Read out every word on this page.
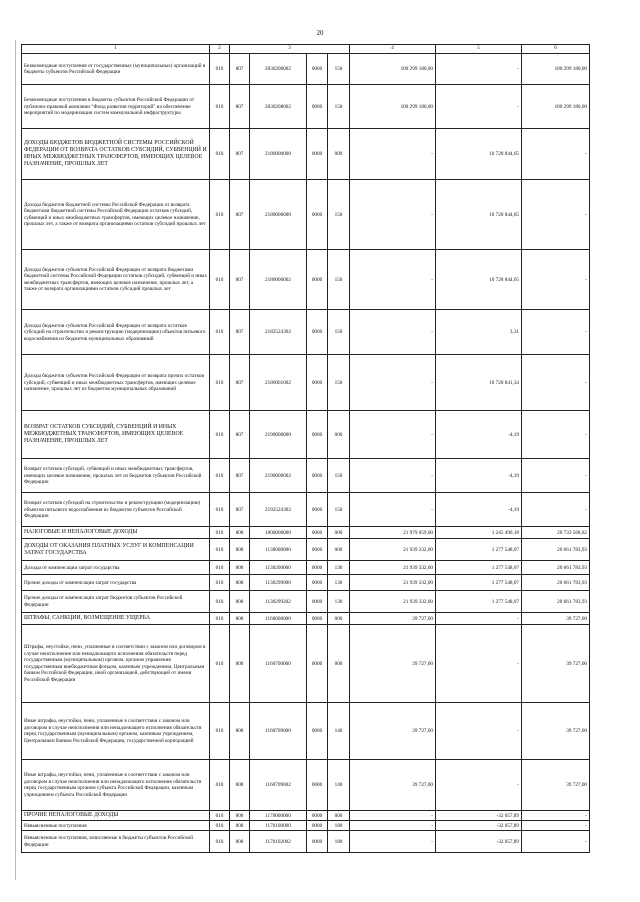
20
1	2	3				4	5	6
Безвозмездные поступления от государственных (муниципальных) организаций в бюджеты субъектов Российской Федерации	010	807	2030200002	0000	150	100 299 180,00	-	100 299 180,00
Безвозмездные поступления в бюджеты субъектов Российской Федерации от публично-правовой компании "Фонд развития территорий" на обеспечение мероприятий по модернизации систем коммунальной инфраструктуры	010	807	2030208002	0000	150	100 299 180,00	-	100 299 180,00
ДОХОДЫ БЮДЖЕТОВ БЮДЖЕТНОЙ СИСТЕМЫ РОССИЙСКОЙ ФЕДЕРАЦИИ ОТ ВОЗВРАТА ОСТАТКОВ СУБСИДИЙ, СУБВЕНЦИЙ И ИНЫХ МЕЖБЮДЖЕТНЫХ ТРАНСФЕРТОВ, ИМЕЮЩИХ ЦЕЛЕВОЕ НАЗНАЧЕНИЕ, ПРОШЛЫХ ЛЕТ	010	807	2180000000	0000	000	-	10 728 844,65	-
Доходы бюджетов бюджетной системы Российской Федерации от возврата бюджетами бюджетной системы Российской Федерации остатков субсидий, субвенций и иных межбюджетных трансфертов, имеющих целевое назначение, прошлых лет, а также от возврата организациями остатков субсидий прошлых лет	010	807	2180000000	0000	150	-	10 728 844,65	-
Доходы бюджетов субъектов Российской Федерации от возврата бюджетами бюджетной системы Российской Федерации остатков субсидий, субвенций и иных межбюджетных трансфертов, имеющих целевое назначение, прошлых лет, а также от возврата организациями остатков субсидий прошлых лет	010	807	2180000002	0000	150	-	10 728 844,65	-
Доходы бюджетов субъектов Российской Федерации от возврата остатков субсидий на строительство и реконструкцию (модернизацию) объектов питьевого водоснабжения из бюджетов муниципальных образований	010	807	2182524302	0000	150	-	3,31	-
Доходы бюджетов субъектов Российской Федерации от возврата прочих остатков субсидий, субвенций и иных межбюджетных трансфертов, имеющих целевое назначение, прошлых лет из бюджетов муниципальных образований	010	807	2186001002	0000	150	-	10 728 841,34	-
ВОЗВРАТ ОСТАТКОВ СУБСИДИЙ, СУБВЕНЦИЙ И ИНЫХ МЕЖБЮДЖЕТНЫХ ТРАНСФЕРТОВ, ИМЕЮЩИХ ЦЕЛЕВОЕ НАЗНАЧЕНИЕ, ПРОШЛЫХ ЛЕТ	010	807	2190000000	0000	000	-	-4,19	-
Возврат остатков субсидий, субвенций и иных межбюджетных трансфертов, имеющих целевое назначение, прошлых лет из бюджетов субъектов Российской Федерации	010	807	2190000002	0000	150	-	-4,19	-
Возврат остатков субсидий на строительство и реконструкцию (модернизацию) объектов питьевого водоснабжения из бюджетов субъектов Российской Федерации	010	807	2192524302	0000	150	-	-4,19	-
НАЛОГОВЫЕ И НЕНАЛОГОВЫЕ ДОХОДЫ	010	808	1000000000	0000	000	21 979 059,00	1 245 490,18	20 733 568,82
ДОХОДЫ ОТ ОКАЗАНИЯ ПЛАТНЫХ УСЛУГ И КОМПЕНСАЦИИ ЗАТРАТ ГОСУДАРСТВА	010	808	1130000000	0000	000	21 939 332,00	1 277 548,07	20 661 783,93
Доходы от компенсации затрат государства	010	808	1130200000	0000	130	21 939 332,00	1 277 548,07	20 661 783,93
Прочие доходы от компенсации затрат государства	010	808	1130299000	0000	130	21 939 332,00	1 277 548,07	20 661 783,93
Прочие доходы от компенсации затрат бюджетов субъектов Российской Федерации	010	808	1130299202	0000	130	21 939 332,00	1 277 548,07	20 661 783,93
ШТРАФЫ, САНКЦИИ, ВОЗМЕЩЕНИЕ УЩЕРБА	010	808	1160000000	0000	000	39 727,00	-	39 727,00
Штрафы, неустойки, пени, уплаченные в соответствии с законом или договором в случае неисполнения или ненадлежащего исполнения обязательств перед государственным (муниципальным) органом, органом управления государственным внебюджетным фондом, казенным учреждением, Центральным банком Российской Федерации, иной организацией, действующей от имени Российской Федерации	010	808	1160700000	0000	000	39 727,00	-	39 727,00
Иные штрафы, неустойки, пени, уплаченные в соответствии с законом или договором в случае неисполнения или ненадлежащего исполнения обязательств перед государственным (муниципальным) органом, казенным учреждением, Центральным банком Российской Федерации, государственной корпорацией	010	808	1160709000	0000	140	39 727,00	-	39 727,00
Иные штрафы, неустойки, пени, уплаченные в соответствии с законом или договором в случае неисполнения или ненадлежащего исполнения обязательств перед государственным органом субъекта Российской Федерации, казенным учреждением субъекта Российской Федерации	010	808	1160709002	0000	140	39 727,00	-	39 727,00
ПРОЧИЕ НЕНАЛОГОВЫЕ ДОХОДЫ	010	808	1170000000	0000	000	-	-32 057,89	-
Невыясненные поступления	010	808	1170100000	0000	180	-	-32 057,89	-
Невыясненные поступления, зачисляемые в бюджеты субъектов Российской Федерации	010	808	1170102002	0000	180	-	-32 057,89	-
